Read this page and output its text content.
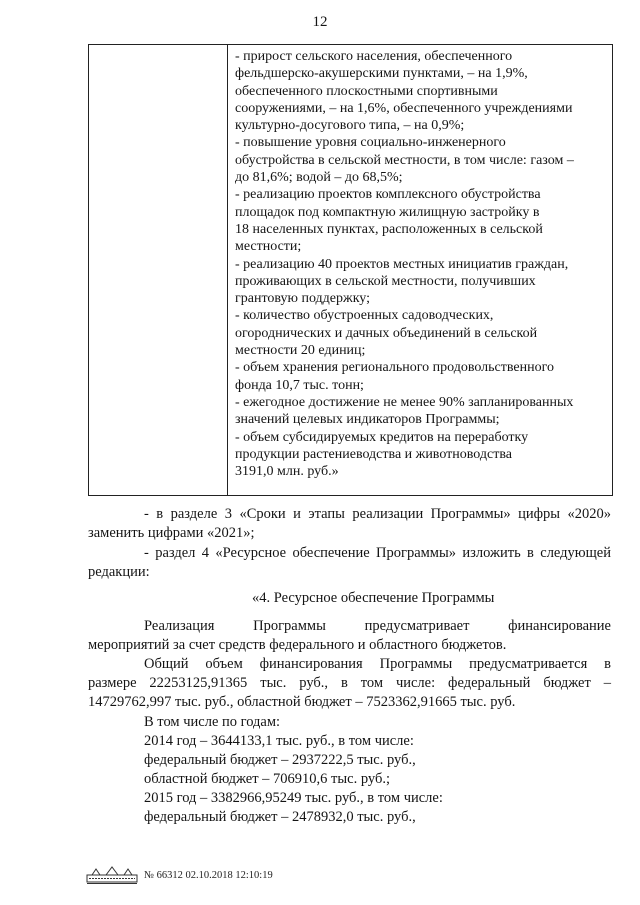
12

- прирост сельского населения, обеспеченного
фельдшерско-акушерскими пунктами, – на 1,9%,
обеспеченного плоскостными спортивными
сооружениями, – на 1,6%, обеспеченного учреждениями
культурно-досугового типа, – на 0,9%;
- повышение уровня социально-инженерного
обустройства в сельской местности, в том числе: газом –
до 81,6%; водой – до 68,5%;
- реализацию проектов комплексного обустройства
площадок под компактную жилищную застройку в
18 населенных пунктах, расположенных в сельской
местности;
- реализацию 40 проектов местных инициатив граждан,
проживающих в сельской местности, получивших
грантовую поддержку;
- количество обустроенных садоводческих,
огороднических и дачных объединений в сельской
местности 20 единиц;
- объем хранения регионального продовольственного
фонда 10,7 тыс. тонн;
- ежегодное достижение не менее 90% запланированных
значений целевых индикаторов Программы;
- объем субсидируемых кредитов на переработку
продукции растениеводства и животноводства
3191,0 млн. руб.»
- в разделе 3 «Сроки и этапы реализации Программы» цифры «2020»
заменить цифрами «2021»;
- раздел 4 «Ресурсное обеспечение Программы» изложить в следующей
редакции:
«4. Ресурсное обеспечение Программы
Реализация Программы предусматривает финансирование
мероприятий за счет средств федерального и областного бюджетов.
Общий объем финансирования Программы предусматривается в
размере 22253125,91365 тыс. руб., в том числе: федеральный бюджет –
14729762,997 тыс. руб., областной бюджет – 7523362,91665 тыс. руб.
В том числе по годам:
2014 год – 3644133,1 тыс. руб., в том числе:
федеральный бюджет – 2937222,5 тыс. руб.,
областной бюджет – 706910,6 тыс. руб.;
2015 год – 3382966,95249 тыс. руб., в том числе:
федеральный бюджет – 2478932,0 тыс. руб.,
№ 66312 02.10.2018 12:10:19
